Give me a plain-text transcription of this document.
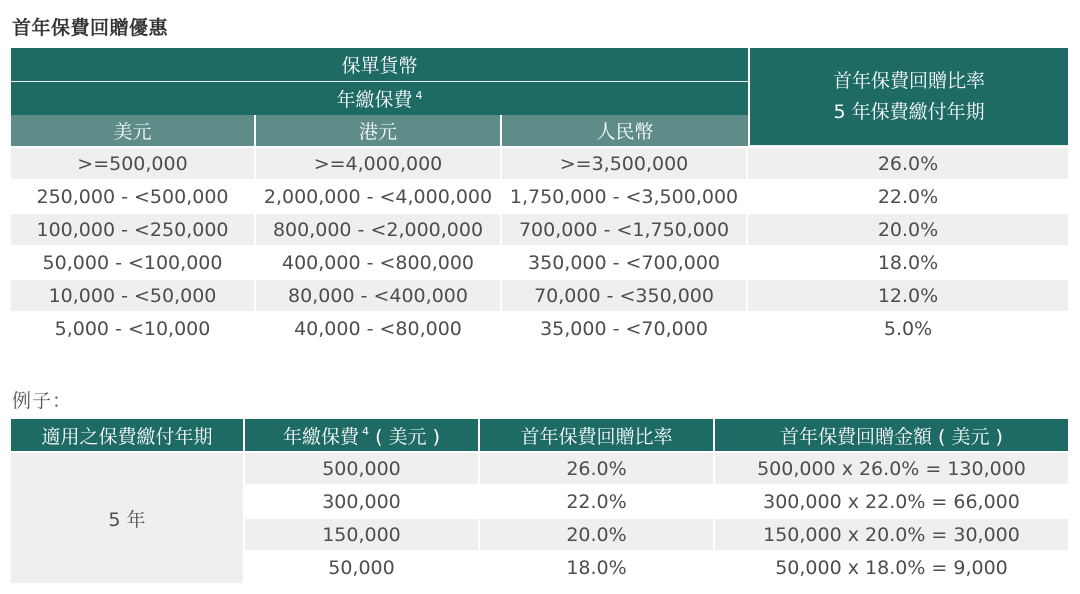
首年保費回贈優惠
保單貨幣			首年保費回贈比率
5 年保費繳付年期

年繳保費 $^4$
美元	港元	人民幣	
>=500,000	>=4,000,000	>=3,500,000	26.0%
250,000 - <500,000	2,000,000 - <4,000,000	1,750,000 - <3,500,000	22.0%
100,000 - <250,000	800,000 - <2,000,000	700,000 - <1,750,000	20.0%
50,000 - <100,000	400,000 - <800,000	350,000 - <700,000	18.0%
10,000 - <50,000	80,000 - <400,000	70,000 - <350,000	12.0%
5,000 - <10,000	40,000 - <80,000	35,000 - <70,000	5.0%
例子：
適用之保費繳付年期	年繳保費 $^4$ ( 美元 )	首年保費回贈比率	首年保費回贈金額 ( 美元 )
5 年	500,000	26.0%	500,000 x 26.0% = 130,000
	300,000	22.0%	300,000 x 22.0% = 66,000
	150,000	20.0%	150,000 x 20.0% = 30,000
	50,000	18.0%	50,000 x 18.0% = 9,000
